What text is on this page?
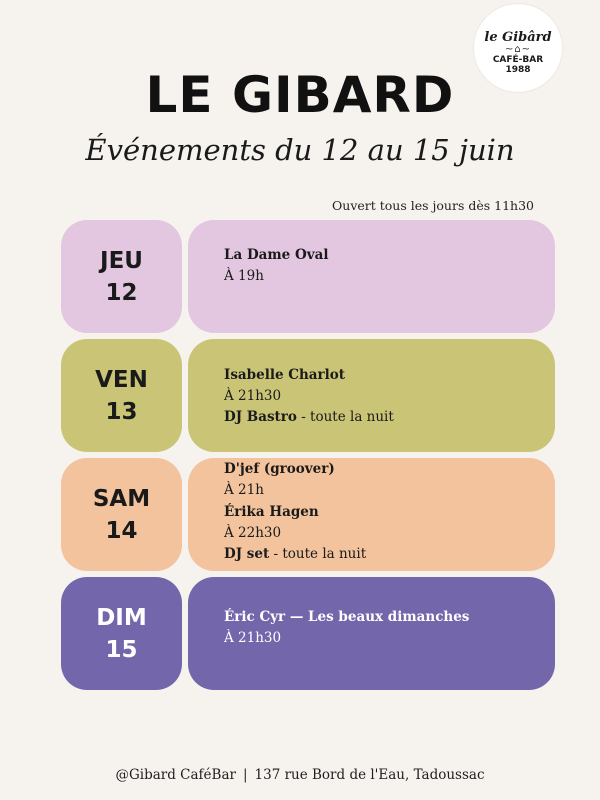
le Gibârd
~⌂~
CAFÉ-BAR
1988
LE GIBARD
Événements du 12 au 15 juin
Ouvert tous les jours dès 11h30
JEU
12
La Dame Oval
À 19h
VEN
13
Isabelle Charlot
À 21h30
DJ Bastro - toute la nuit
SAM
14
D'jef (groover)
À 21h
Érika Hagen
À 22h30
DJ set - toute la nuit
DIM
15
Éric Cyr — Les beaux dimanches
À 21h30
@Gibard CaféBar | 137 rue Bord de l'Eau, Tadoussac
